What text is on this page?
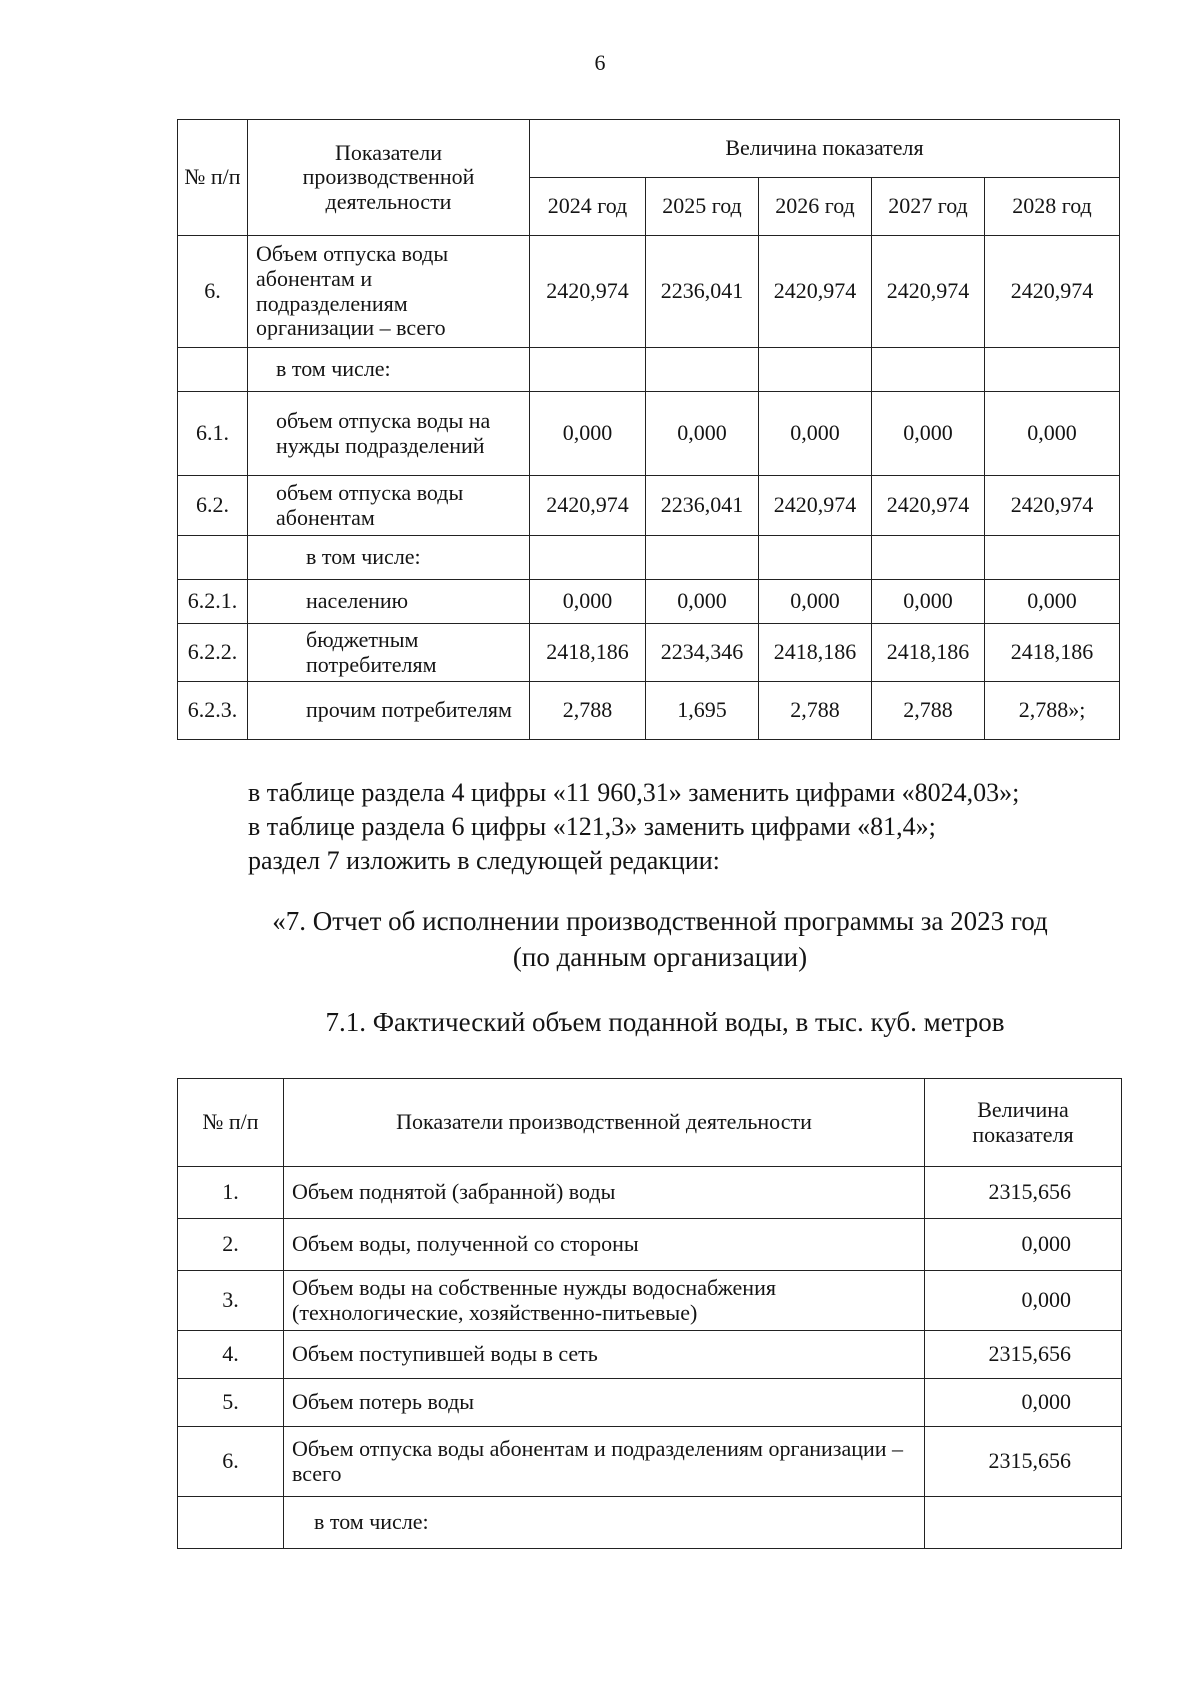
6
№ п/п	Показатели производственной деятельности	Величина показателя				
		2024 год	2025 год	2026 год	2027 год	2028 год
6.	Объем отпуска воды абонентам и подразделениям организации – всего	2420,974	2236,041	2420,974	2420,974	2420,974
	в том числе:					
6.1.	объем отпуска воды на нужды подразделений	0,000	0,000	0,000	0,000	0,000
6.2.	объем отпуска воды абонентам	2420,974	2236,041	2420,974	2420,974	2420,974
	в том числе:					
6.2.1.	населению	0,000	0,000	0,000	0,000	0,000
6.2.2.	бюджетным потребителям	2418,186	2234,346	2418,186	2418,186	2418,186
6.2.3.	прочим потребителям	2,788	1,695	2,788	2,788	2,788»;
в таблице раздела 4 цифры «11 960,31» заменить цифрами «8024,03»;
в таблице раздела 6 цифры «121,3» заменить цифрами «81,4»;
раздел 7 изложить в следующей редакции:
«7. Отчет об исполнении производственной программы за 2023 год
(по данным организации)
7.1. Фактический объем поданной воды, в тыс. куб. метров
№ п/п	Показатели производственной деятельности	Величина показателя
1.	Объем поднятой (забранной) воды	2315,656
2.	Объем воды, полученной со стороны	0,000
3.	Объем воды на собственные нужды водоснабжения (технологические, хозяйственно-питьевые)	0,000
4.	Объем поступившей воды в сеть	2315,656
5.	Объем потерь воды	0,000
6.	Объем отпуска воды абонентам и подразделениям организации – всего	2315,656
	в том числе:	
